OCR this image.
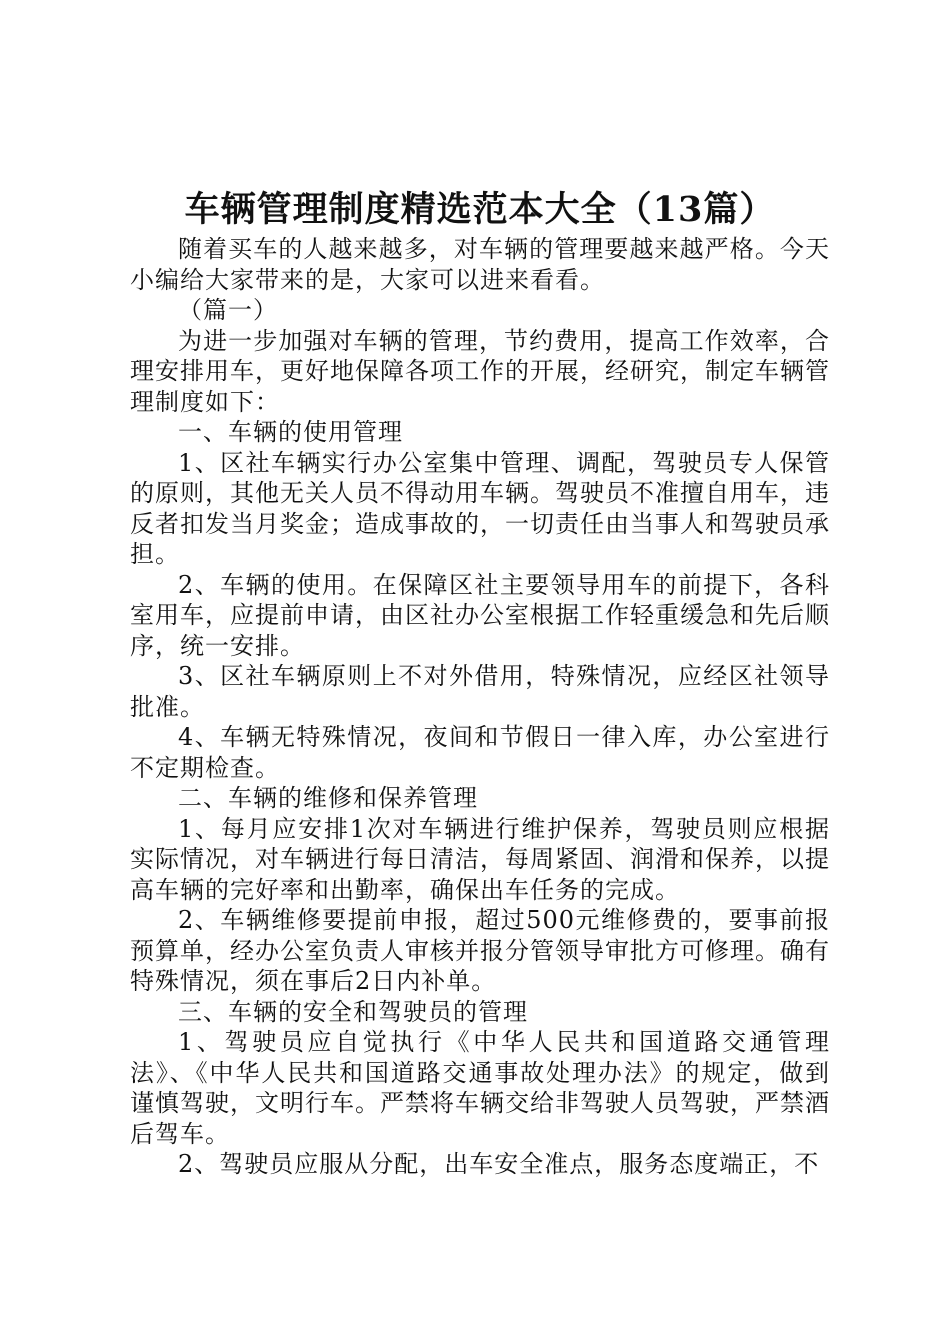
车辆管理制度精选范本大全（13篇）

随着买车的人越来越多，对车辆的管理要越来越严格。今天小编给大家带来的是，大家可以进来看看。

（篇一）

为进一步加强对车辆的管理，节约费用，提高工作效率，合理安排用车，更好地保障各项工作的开展，经研究，制定车辆管理制度如下：

一、车辆的使用管理

1、区社车辆实行办公室集中管理、调配，驾驶员专人保管的原则，其他无关人员不得动用车辆。驾驶员不准擅自用车，违反者扣发当月奖金；造成事故的，一切责任由当事人和驾驶员承担。

2、车辆的使用。在保障区社主要领导用车的前提下，各科室用车，应提前申请，由区社办公室根据工作轻重缓急和先后顺序，统一安排。

3、区社车辆原则上不对外借用，特殊情况，应经区社领导批准。

4、车辆无特殊情况，夜间和节假日一律入库，办公室进行不定期检查。

二、车辆的维修和保养管理

1、每月应安排1次对车辆进行维护保养，驾驶员则应根据实际情况，对车辆进行每日清洁，每周紧固、润滑和保养，以提高车辆的完好率和出勤率，确保出车任务的完成。

2、车辆维修要提前申报，超过500元维修费的，要事前报预算单，经办公室负责人审核并报分管领导审批方可修理。确有特殊情况，须在事后2日内补单。

三、车辆的安全和驾驶员的管理

1、驾驶员应自觉执行《中华人民共和国道路交通管理法》、《中华人民共和国道路交通事故处理办法》的规定，做到谨慎驾驶，文明行车。严禁将车辆交给非驾驶人员驾驶，严禁酒后驾车。

2、驾驶员应服从分配，出车安全准点，服务态度端正，不
